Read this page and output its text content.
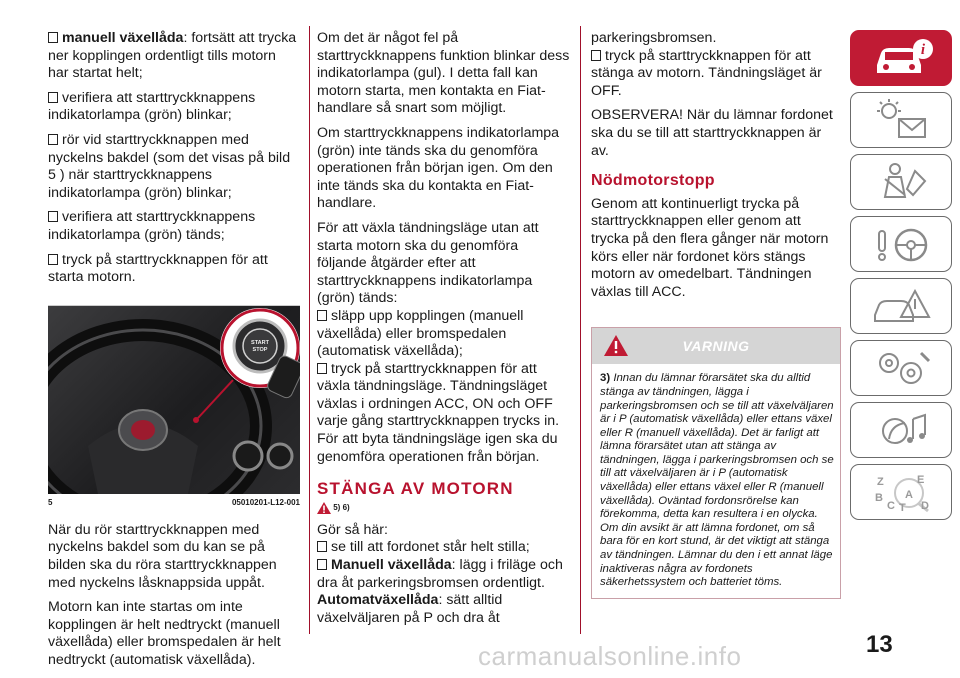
manuell växellåda: fortsätt att trycka ner kopplingen ordentligt tills motorn har startat helt;

verifiera att starttryckknappens indikatorlampa (grön) blinkar;

rör vid starttryckknappen med nyckelns bakdel (som det visas på bild 5 ) när starttryckknappens indikatorlampa (grön) blinkar;

verifiera att starttryckknappens indikatorlampa (grön) tänds;

tryck på starttryckknappen för att starta motorn.

START
STOP
5	05010201-L12-001

När du rör starttryckknappen med nyckelns bakdel som du kan se på bilden ska du röra starttryckknappen med nyckelns låsknappsida uppåt.

Motorn kan inte startas om inte kopplingen är helt nedtryckt (manuell växellåda) eller bromspedalen är helt nedtryckt (automatisk växellåda).

Om det är något fel på starttryckknappens funktion blinkar dess indikatorlampa (gul). I detta fall kan motorn starta, men kontakta en Fiat-handlare så snart som möjligt.

Om starttryckknappens indikatorlampa (grön) inte tänds ska du genomföra operationen från början igen. Om den inte tänds ska du kontakta en Fiat-handlare.

För att växla tändningsläge utan att starta motorn ska du genomföra följande åtgärder efter att starttryckknappens indikatorlampa (grön) tänds:

släpp upp kopplingen (manuell växellåda) eller bromspedalen (automatisk växellåda);

tryck på starttryckknappen för att växla tändningsläge. Tändningsläget växlas i ordningen ACC, ON och OFF varje gång starttryckknappen trycks in. För att byta tändningsläge igen ska du genomföra operationen från början.

STÄNGA AV MOTORN
5) 6)

Gör så här:

se till att fordonet står helt stilla;

Manuell växellåda: lägg i friläge och dra åt parkeringsbromsen ordentligt.

Automatväxellåda: sätt alltid växelväljaren på P och dra åt

parkeringsbromsen.

tryck på starttryckknappen för att stänga av motorn. Tändningsläget är OFF.

OBSERVERA! När du lämnar fordonet ska du se till att starttryckknappen är av.

Nödmotorstopp

Genom att kontinuerligt trycka på starttryckknappen eller genom att trycka på den flera gånger när motorn körs eller när fordonet körs stängs motorn av omedelbart. Tändningen växlas till ACC.

VARNING
3) Innan du lämnar förarsätet ska du alltid stänga av tändningen, lägga i parkeringsbromsen och se till att växelväljaren är i P (automatisk växellåda) eller ettans växel eller R (manuell växellåda). Det är farligt att lämna förarsätet utan att stänga av tändningen, lägga i parkeringsbromsen och se till att växelväljaren är i P (automatisk växellåda) eller ettans växel eller R (manuell växellåda). Oväntad fordonsrörelse kan förekomma, detta kan resultera i en olycka. Om din avsikt är att lämna fordonet, om så bara för en kort stund, är det viktigt att stänga av tändningen. Lämnar du den i ett annat läge inaktiveras några av fordonets säkerhetssystem och batteriet töms.
i
Z	E
B A
C T D
13
carmanualsonline.info
